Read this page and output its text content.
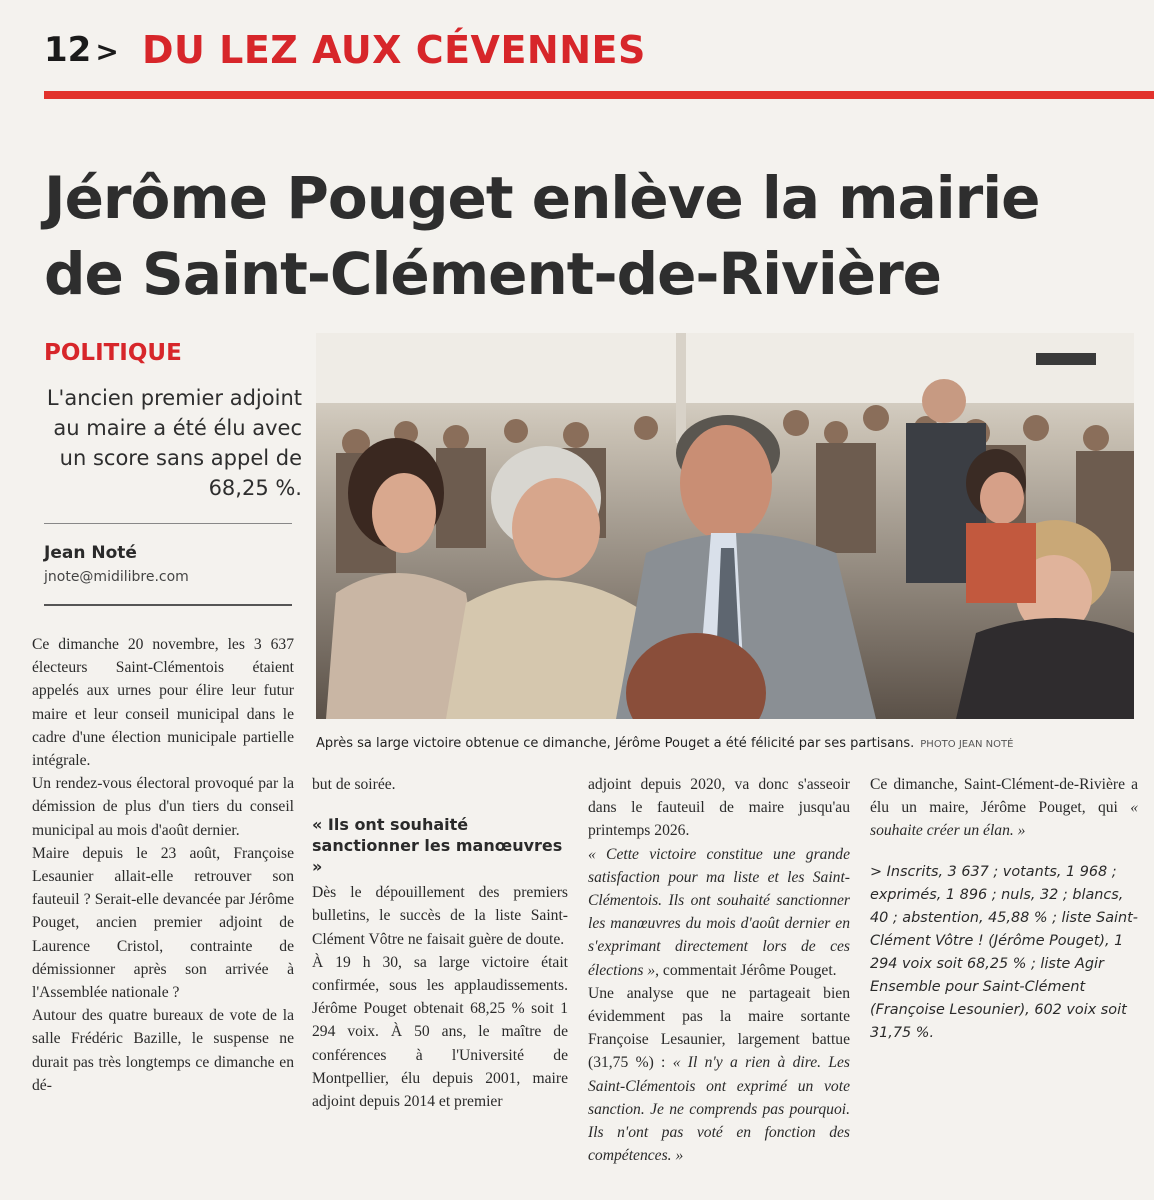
12 > DU LEZ AUX CÉVENNES
Jérôme Pouget enlève la mairie
de Saint-Clément-de-Rivière
POLITIQUE
L'ancien premier adjoint au maire a été élu avec un score sans appel de 68,25 %.
Jean Noté
jnote@midilibre.com
Après sa large victoire obtenue ce dimanche, Jérôme Pouget a été félicité par ses partisans. PHOTO JEAN NOTÉ

Ce dimanche 20 novembre, les 3 637 électeurs Saint-Clémentois étaient appelés aux urnes pour élire leur futur maire et leur conseil municipal dans le cadre d'une élection municipale partielle intégrale.

Un rendez-vous électoral provoqué par la démission de plus d'un tiers du conseil municipal au mois d'août dernier.

Maire depuis le 23 août, Françoise Lesaunier allait-elle retrouver son fauteuil ? Serait-elle devancée par Jérôme Pouget, ancien premier adjoint de Laurence Cristol, contrainte de démissionner après son arrivée à l'Assemblée nationale ?

Autour des quatre bureaux de vote de la salle Frédéric Bazille, le suspense ne durait pas très longtemps ce dimanche en dé-

but de soirée.

« Ils ont souhaité sanctionner les manœuvres »

Dès le dépouillement des premiers bulletins, le succès de la liste Saint-Clément Vôtre ne faisait guère de doute.

À 19 h 30, sa large victoire était confirmée, sous les applaudissements. Jérôme Pouget obtenait 68,25 % soit 1 294 voix. À 50 ans, le maître de conférences à l'Université de Montpellier, élu depuis 2001, maire adjoint depuis 2014 et premier

adjoint depuis 2020, va donc s'asseoir dans le fauteuil de maire jusqu'au printemps 2026.

« Cette victoire constitue une grande satisfaction pour ma liste et les Saint-Clémentois. Ils ont souhaité sanctionner les manœuvres du mois d'août dernier en s'exprimant directement lors de ces élections », commentait Jérôme Pouget.

Une analyse que ne partageait bien évidemment pas la maire sortante Françoise Lesaunier, largement battue (31,75 %) : « Il n'y a rien à dire. Les Saint-Clémentois ont exprimé un vote sanction. Je ne comprends pas pourquoi. Ils n'ont pas voté en fonction des compétences. »

Ce dimanche, Saint-Clément-de-Rivière a élu un maire, Jérôme Pouget, qui « souhaite créer un élan. »

> Inscrits, 3 637 ; votants, 1 968 ; exprimés, 1 896 ; nuls, 32 ; blancs, 40 ; abstention, 45,88 % ; liste Saint-Clément Vôtre ! (Jérôme Pouget), 1 294 voix soit 68,25 % ; liste Agir Ensemble pour Saint-Clément (Françoise Lesounier), 602 voix soit 31,75 %.
